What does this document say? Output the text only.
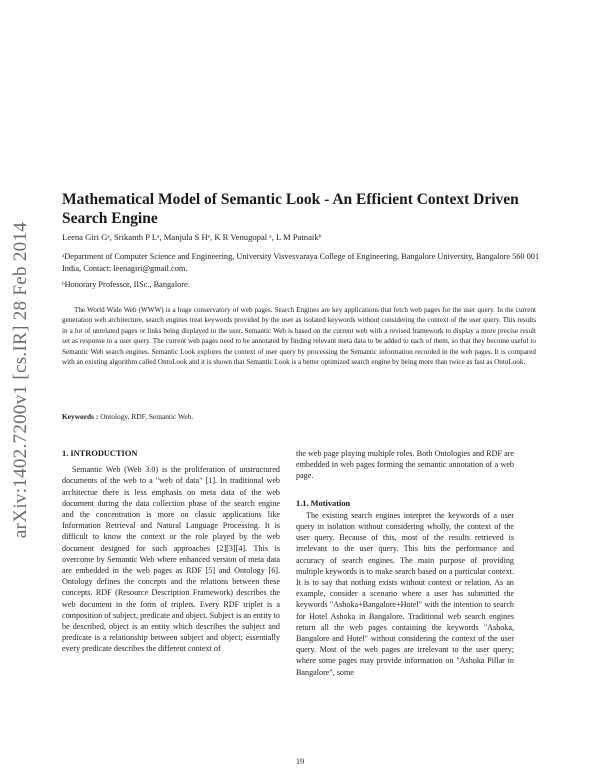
arXiv:1402.7200v1 [cs.IR] 28 Feb 2014
Mathematical Model of Semantic Look - An Efficient Context Driven Search Engine
Leena Giri Gᵃ, Srikanth P Lᵃ, Manjula S Hᵃ, K R Venugopal ᵃ, L M Patnaikᵇ
ᵃDepartment of Computer Science and Engineering, University Visvesvaraya College of Engineering, Bangalore University, Bangalore 560 001 India, Contact: leenagiri@gmail.com.
ᵇHonorary Professor, IISc., Bangalore.

The World Wide Web (WWW) is a huge conservatory of web pages. Search Engines are key applications that fetch web pages for the user query. In the current generation web architecture, search engines treat keywords provided by the user as isolated keywords without considering the context of the user query. This results in a lot of unrelated pages or links being displayed to the user. Semantic Web is based on the current web with a revised framework to display a more precise result set as response to a user query. The current web pages need to be annotated by finding relevant meta data to be added to each of them, so that they become useful to Semantic Web search engines. Semantic Look explores the context of user query by processing the Semantic information recorded in the web pages. It is compared with an existing algorithm called OntoLook and it is shown that Semantic Look is a better optimized search engine by being more than twice as fast as OntoLook.

Keywords : Ontology, RDF, Semantic Web.
1. INTRODUCTION

Semantic Web (Web 3.0) is the proliferation of unstructured documents of the web to a "web of data" [1]. In traditional web architectue there is less emphasis on meta data of the web document during the data collection phase of the search engine and the concentration is more on classic applications like Information Retrieval and Natural Language Processing. It is difficult to know the context or the role played by the web document designed for such approaches [2][3][4]. This is overcome by Semantic Web where enhanced version of meta data are embedded in the web pages as RDF [5] and Ontology [6]. Ontology defines the concepts and the relations between these concepts. RDF (Resource Description Framework) describes the web document in the form of triplets. Every RDF triplet is a composition of subject, predicate and object. Subject is an entity to be described, object is an entity which describes the subject and predicate is a relationship between subject and object; essentially every predicate describes the different context of

the web page playing multiple roles. Both Ontologies and RDF are embedded in web pages forming the semantic annotation of a web page.

1.1. Motivation

The existing search engines interpret the keywords of a user query in isolation without considering wholly, the context of the user query. Because of this, most of the results retrieved is irrelevant to the user query. This hits the performance and accuracy of search engines. The main purpose of providing multiple keywords is to make search based on a particular context. It is to say that nothing exists without context or relation. As an example, consider a scenario where a user has submitted the keywords "Ashoka+Bangalore+Hotel" with the intention to search for Hotel Ashoka in Bangalore. Traditional web search engines return all the web pages containing the keywords "Ashoka, Bangalore and Hotel" without considering the context of the user query. Most of the web pages are irrelevant to the user query; where some pages may provide information on "Ashoka Pillar in Bangalore", some

19
